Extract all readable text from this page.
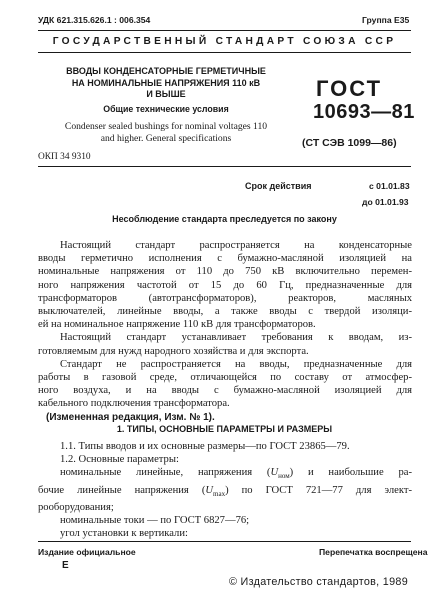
УДК 621.315.626.1 : 006.354	Группа Е35
ГОСУДАРСТВЕННЫЙ СТАНДАРТ СОЮЗА ССР
ВВОДЫ КОНДЕНСАТОРНЫЕ ГЕРМЕТИЧНЫЕ
НА НОМИНАЛЬНЫЕ НАПРЯЖЕНИЯ 110 кВ
И ВЫШЕ
Общие технические условия
Condenser sealed bushings for nominal voltages 110
and higher. General specifications
ОКП 34 9310
ГОСТ
10693—81
(СТ СЭВ 1099—86)
Срок действия	с 01.01.83
до 01.01.93
Несоблюдение стандарта преследуется по закону
Настоящий стандарт распространяется на конденсаторные
вводы герметично исполнения с бумажно-масляной изоляцией на
номинальные напряжения от 110 до 750 кВ включительно перемен-
ного напряжения частотой от 15 до 60 Гц, предназначенные для
трансформаторов (автотрансформаторов), реакторов, масляных
выключателей, линейные вводы, а также вводы с твердой изоляци-
ей на номинальное напряжение 110 кВ для трансформаторов.
Настоящий стандарт устанавливает требования к вводам, из-
готовляемым для нужд народного хозяйства и для экспорта.
Стандарт не распространяется на вводы, предназначенные для
работы в газовой среде, отличающейся по составу от атмосфер-
ного воздуха, и на вводы с бумажно-масляной изоляцией для
кабельного подключения трансформатора.
(Измененная редакция, Изм. № 1).
1. ТИПЫ, ОСНОВНЫЕ ПАРАМЕТРЫ И РАЗМЕРЫ
1.1. Типы вводов и их основные размеры—по ГОСТ 23865—79.
1.2. Основные параметры:
номинальные линейные, напряжения $(U_{ном})$ и наибольшие ра-
бочие линейные напряжения $(U_{max})$ по ГОСТ 721—77 для элект-
рооборудования;
номинальные токи — по ГОСТ 6827—76;
угол установки к вертикали:
Издание официальное	Перепечатка воспрещена
Е
© Издательство стандартов, 1989
